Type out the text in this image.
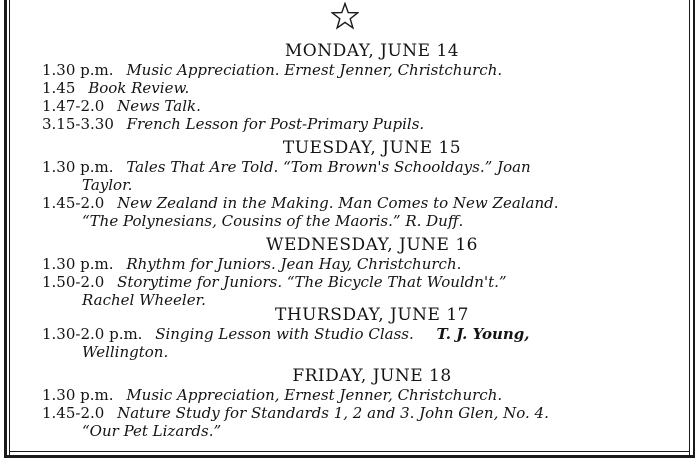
MONDAY, JUNE 14
1.30 p.m. Music Appreciation. Ernest Jenner, Christchurch.
1.45 Book Review.
1.47-2.0 News Talk.
3.15-3.30 French Lesson for Post-Primary Pupils.
TUESDAY, JUNE 15
1.30 p.m. Tales That Are Told. “Tom Brown's Schooldays.” Joan
Taylor.
1.45-2.0 New Zealand in the Making. Man Comes to New Zealand.
“The Polynesians, Cousins of the Maoris.” R. Duff.
WEDNESDAY, JUNE 16
1.30 p.m. Rhythm for Juniors. Jean Hay, Christchurch.
1.50-2.0 Storytime for Juniors. “The Bicycle That Wouldn't.”
Rachel Wheeler.
THURSDAY, JUNE 17
1.30-2.0 p.m. Singing Lesson with Studio Class. T. J. Young,
Wellington.
FRIDAY, JUNE 18
1.30 p.m. Music Appreciation, Ernest Jenner, Christchurch.
1.45-2.0 Nature Study for Standards 1, 2 and 3. John Glen, No. 4.
“Our Pet Lizards.”
